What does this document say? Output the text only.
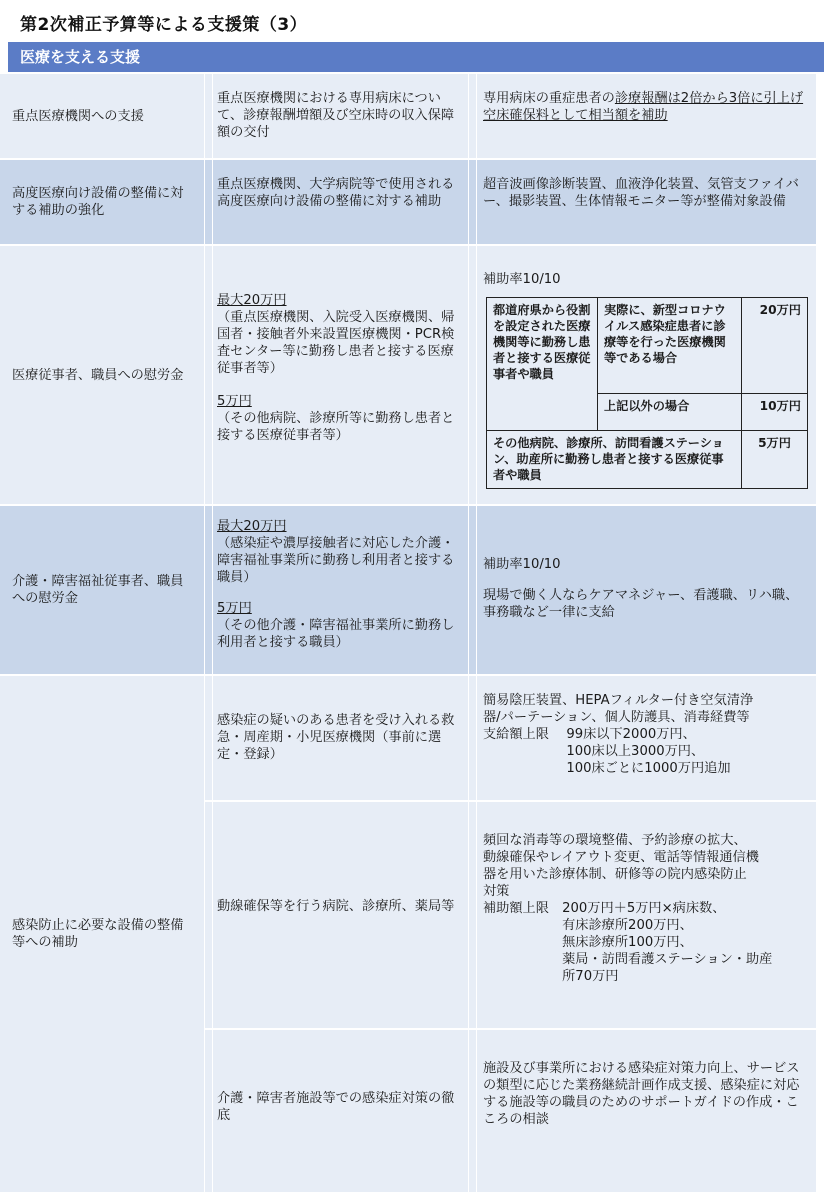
第2次補正予算等による支援策（3）
医療を支える支援
重点医療機関への支援
重点医療機関における専用病床について、診療報酬増額及び空床時の収入保障額の交付
専用病床の重症患者の診療報酬は2倍から3倍に引上げ
空床確保料として相当額を補助
高度医療向け設備の整備に対する補助の強化
重点医療機関、大学病院等で使用される高度医療向け設備の整備に対する補助
超音波画像診断装置、血液浄化装置、気管支ファイバー、撮影装置、生体情報モニター等が整備対象設備
医療従事者、職員への慰労金
最大20万円
（重点医療機関、入院受入医療機関、帰国者・接触者外来設置医療機関・PCR検査センター等に勤務し患者と接する医療従事者等）
5万円
（その他病院、診療所等に勤務し患者と接する医療従事者等）
補助率10/10
都道府県から役割を設定された医療機関等に勤務し患者と接する医療従事者や職員
実際に、新型コロナウイルス感染症患者に診療等を行った医療機関等である場合
20万円
上記以外の場合	10万円
その他病院、診療所、訪問看護ステーション、助産所に勤務し患者と接する医療従事者や職員
5万円
介護・障害福祉従事者、職員への慰労金
最大20万円
（感染症や濃厚接触者に対応した介護・障害福祉事業所に勤務し利用者と接する職員）
5万円
（その他介護・障害福祉事業所に勤務し利用者と接する職員）
補助率10/10
現場で働く人ならケアマネジャー、看護職、リハ職、事務職など一律に支給
感染防止に必要な設備の整備等への補助
感染症の疑いのある患者を受け入れる救急・周産期・小児医療機関（事前に選定・登録）
簡易陰圧装置、HEPAフィルター付き空気清浄
器/パーテーション、個人防護具、消毒経費等
支給額上限　 99床以下2000万円、
　　　　　　 100床以上3000万円、
　　　　　　 100床ごとに1000万円追加
動線確保等を行う病院、診療所、薬局等
頻回な消毒等の環境整備、予約診療の拡大、
動線確保やレイアウト変更、電話等情報通信機
器を用いた診療体制、研修等の院内感染防止
対策
補助額上限　200万円＋5万円×病床数、
　　　　　　有床診療所200万円、
　　　　　　無床診療所100万円、
　　　　　　薬局・訪問看護ステーション・助産
　　　　　　所70万円
介護・障害者施設等での感染症対策の徹底
施設及び事業所における感染症対策力向上、サービスの類型に応じた業務継続計画作成支援、感染症に対応する施設等の職員のためのサポートガイドの作成・こころの相談
